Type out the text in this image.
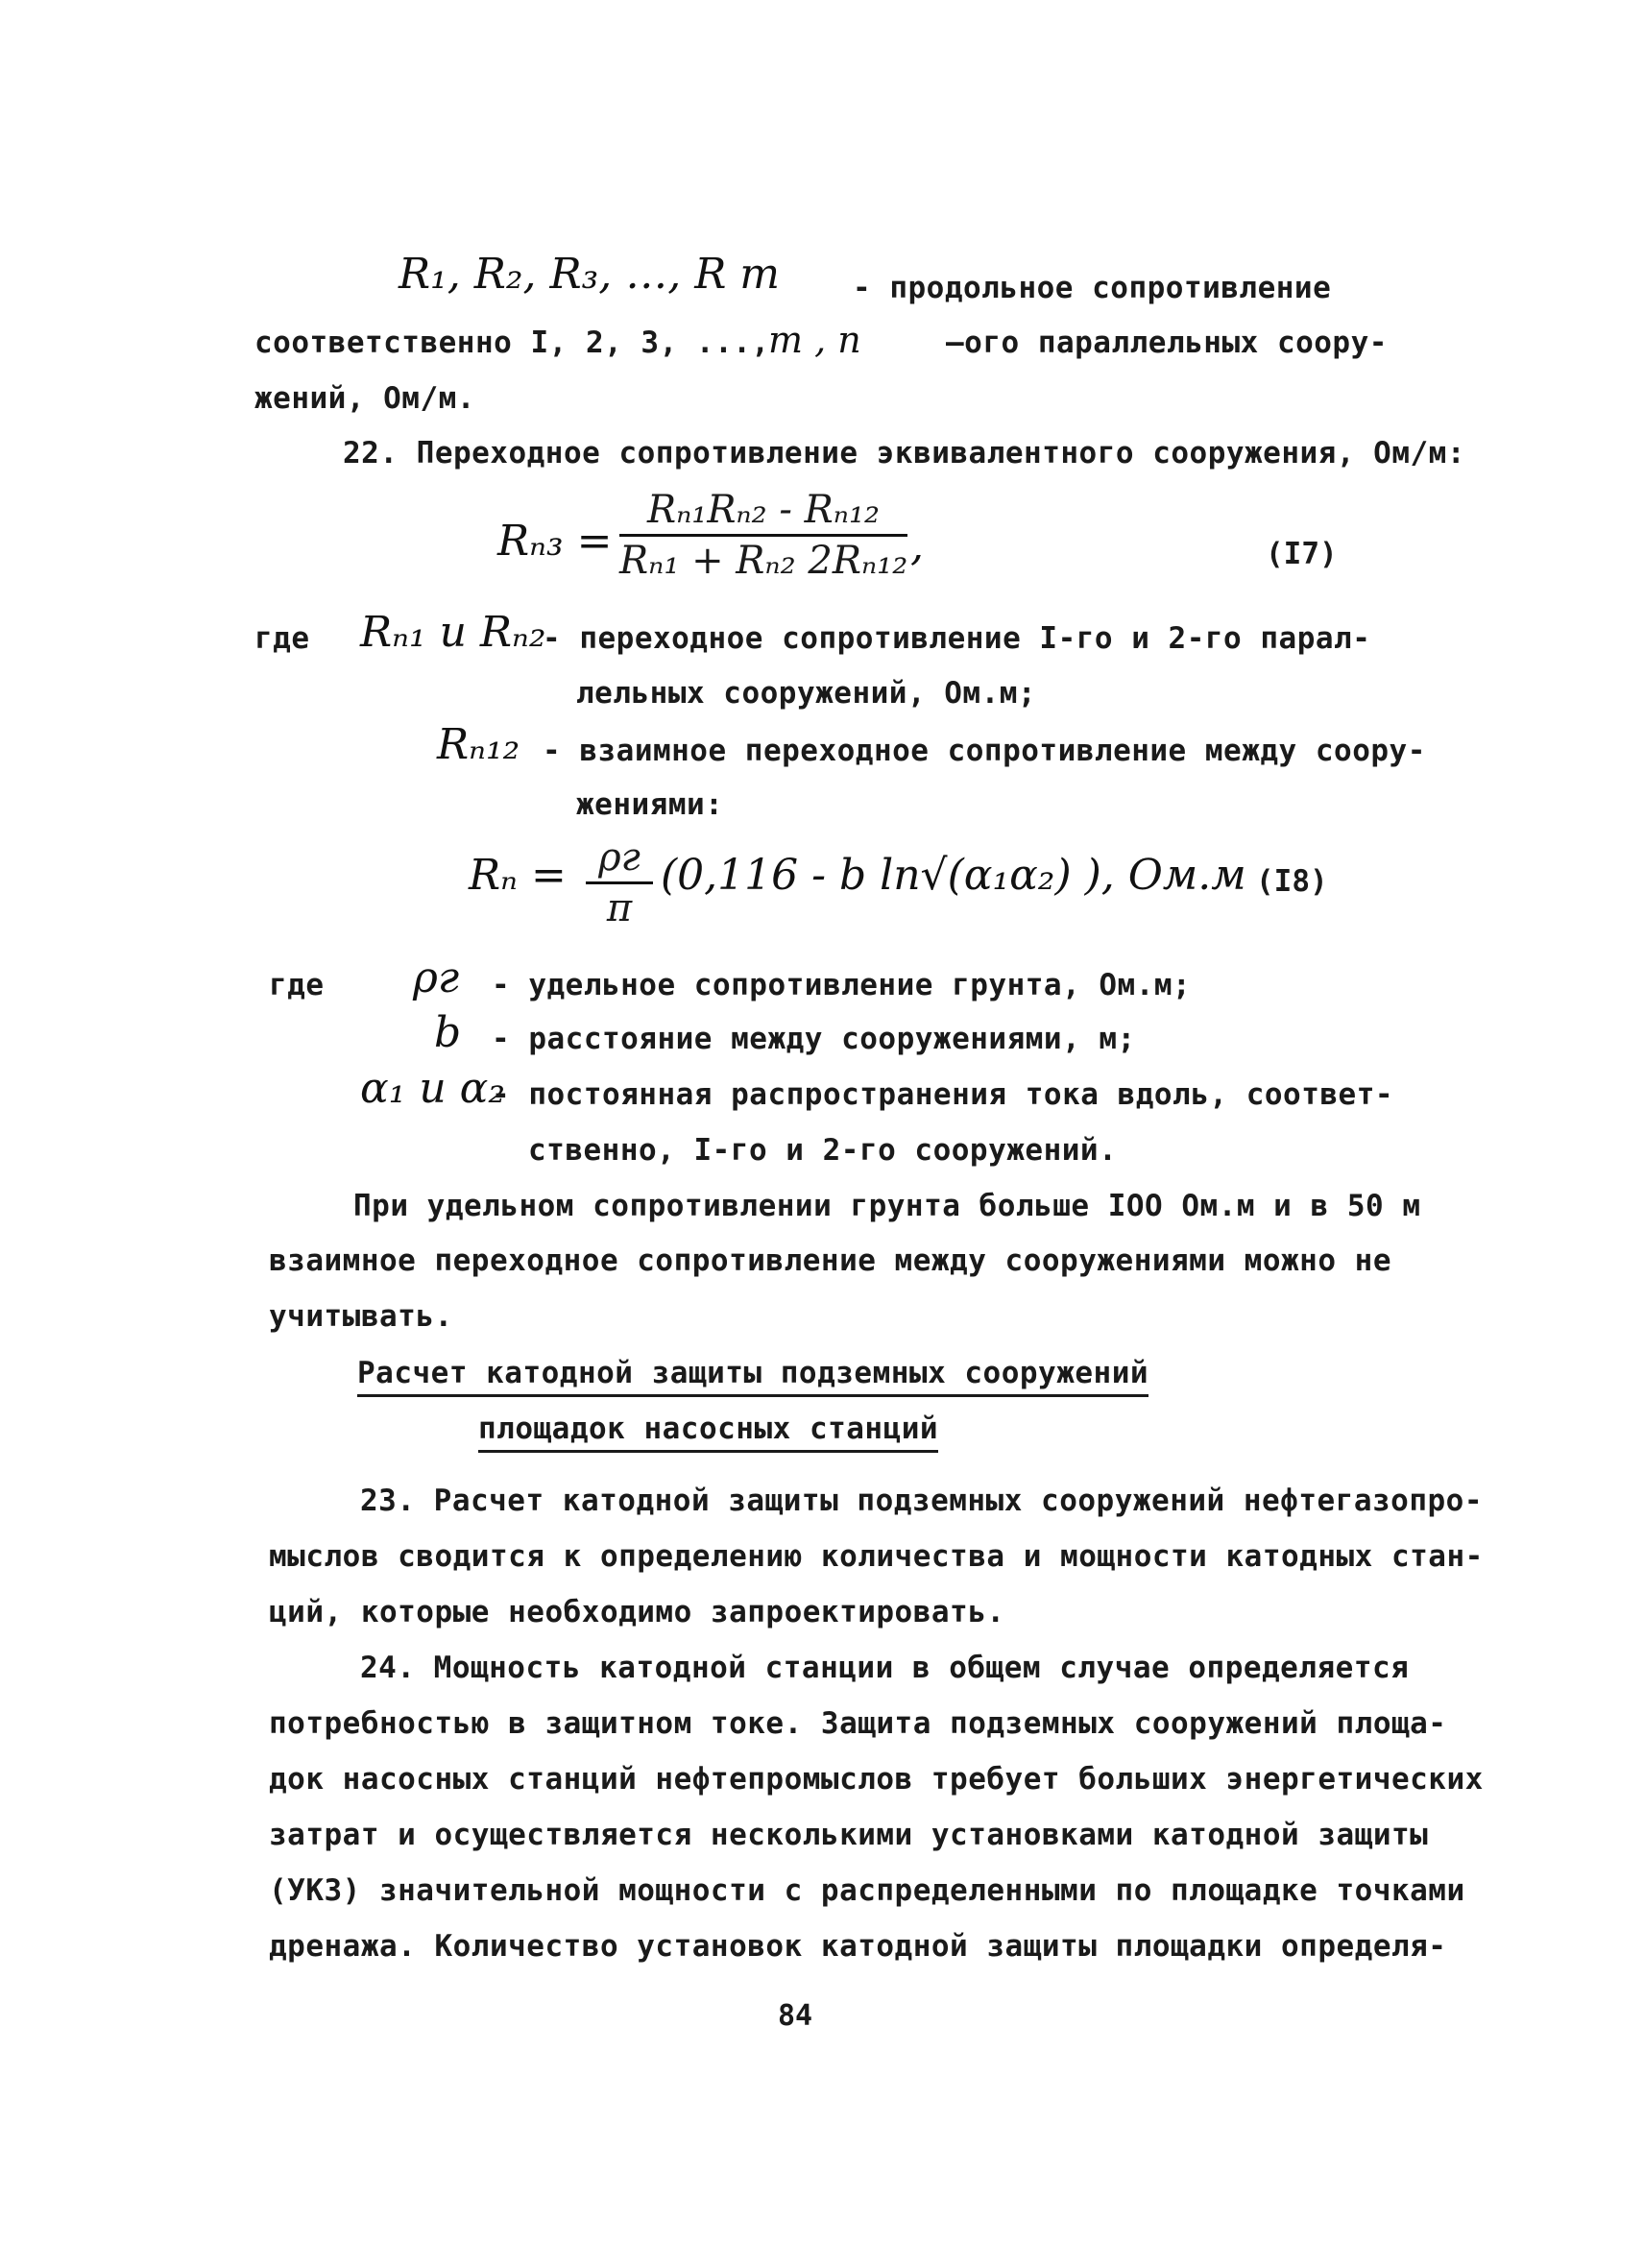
R₁, R₂, R₃, …, R m - продольное сопротивление
соответственно I, 2, 3, ...,
m , n	–ого параллельных соору-
жений, Ом/м.
22. Переходное сопротивление эквивалентного сооружения, Ом/м:
Rₙ₃ =
Rₙ₁Rₙ₂ - Rₙ₁₂
Rₙ₁ + Rₙ₂ 2Rₙ₁₂ ,	(I7)
где Rₙ₁ и Rₙ₂
- переходное сопротивление I-го и 2-го парал-
лельных сооружений, Ом.м;
Rₙ₁₂ - взаимное переходное сопротивление между соору-
жениями:
Rₙ = ρг
π
(0,116 - b ln√(α₁α₂) ), Ом.м (I8)
где ρг - удельное сопротивление грунта, Ом.м;
b - расстояние между сооружениями, м;
α₁ и α₂
- постоянная распространения тока вдоль, соответ-
ственно, I-го и 2-го сооружений.
При удельном сопротивлении грунта больше IOO Ом.м и в 50 м
взаимное переходное сопротивление между сооружениями можно не
учитывать.
Расчет катодной защиты подземных сооружений
площадок насосных станций
23. Расчет катодной защиты подземных сооружений нефтегазопро-
мыслов сводится к определению количества и мощности катодных стан-
ций, которые необходимо запроектировать.
24. Мощность катодной станции в общем случае определяется
потребностью в защитном токе. Защита подземных сооружений площа-
док насосных станций нефтепромыслов требует больших энергетических
затрат и осуществляется несколькими установками катодной защиты
(УКЗ) значительной мощности с распределенными по площадке точками
дренажа. Количество установок катодной защиты площадки определя-
84
